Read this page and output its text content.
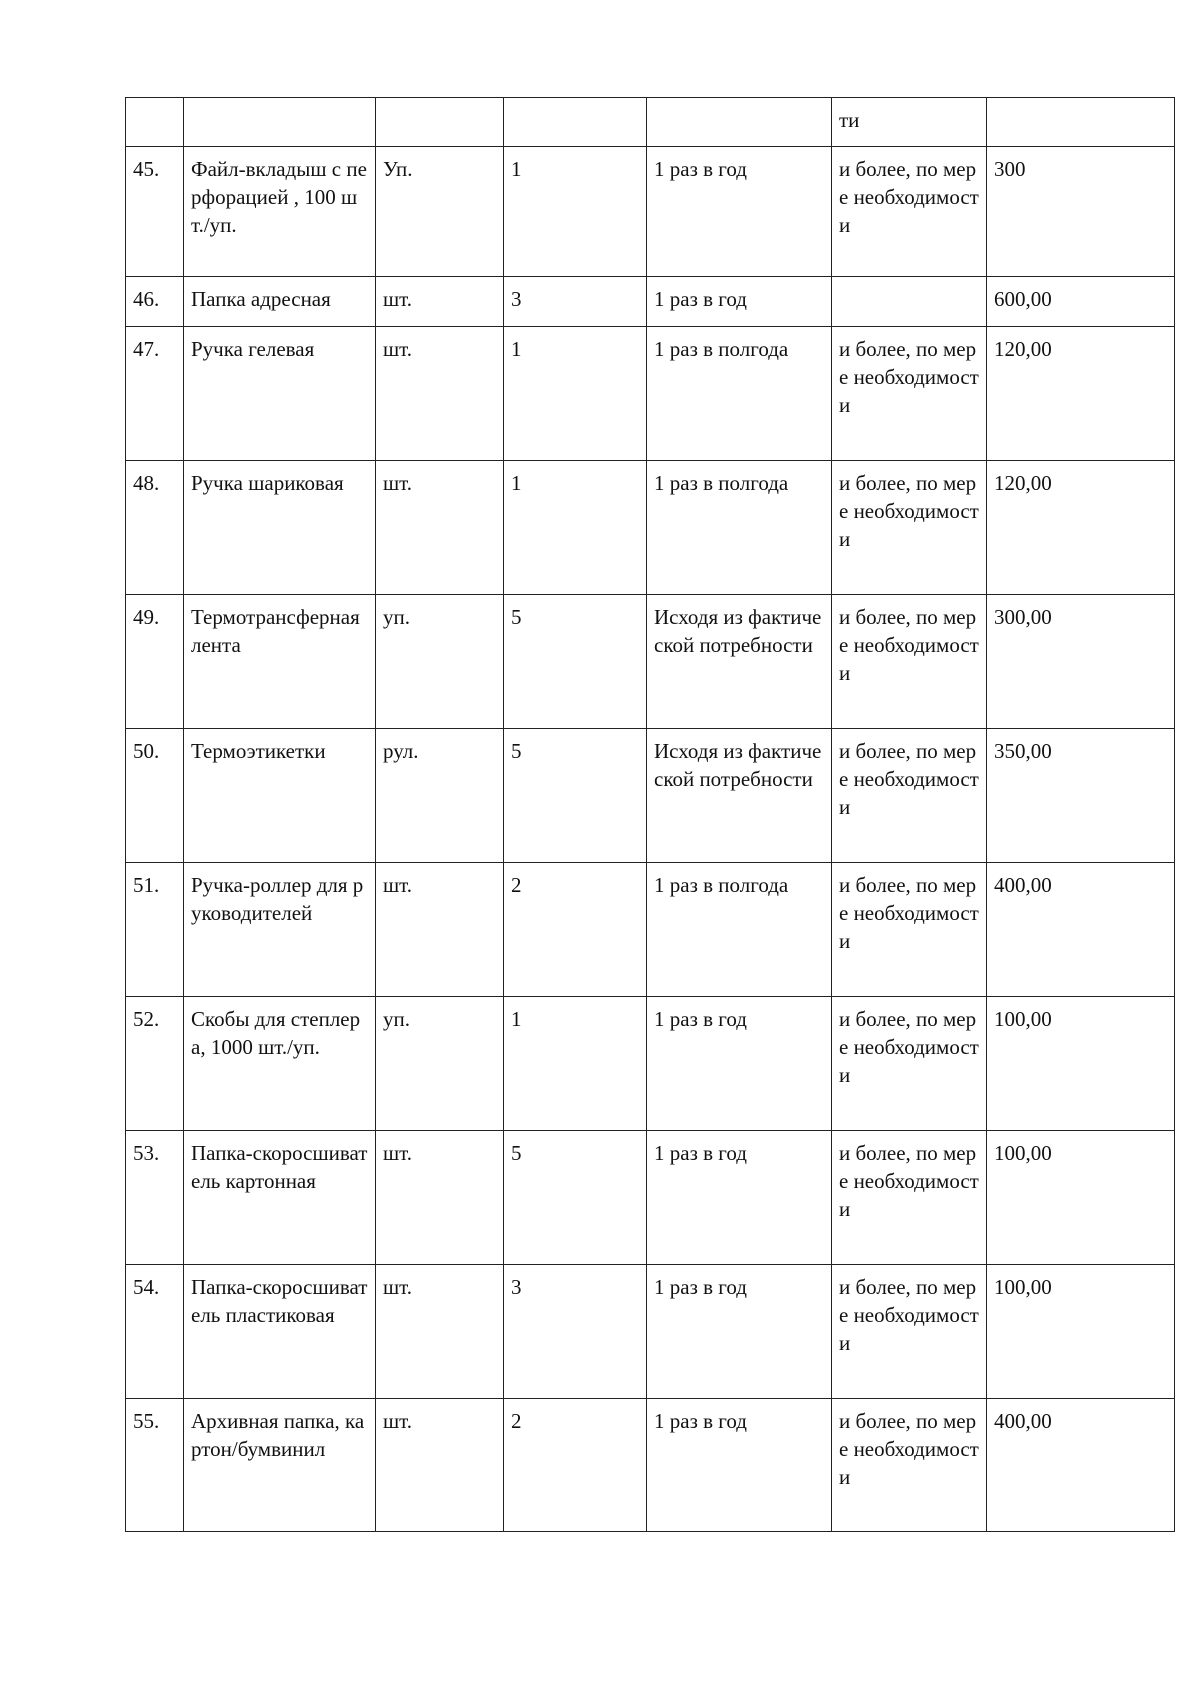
					ти	
45.	Файл-вкладыш с перфорацией , 100 шт./уп.	Уп.	1	1 раз в год	и более, по мере необходимости	300
46.	Папка адресная	шт.	3	1 раз в год		600,00
47.	Ручка гелевая	шт.	1	1 раз в полгода	и более, по мере необходимости	120,00
48.	Ручка шариковая	шт.	1	1 раз в полгода	и более, по мере необходимости	120,00
49.	Термотрансферная лента	уп.	5	Исходя из фактической потребности	и более, по мере необходимости	300,00
50.	Термоэтикетки	рул.	5	Исходя из фактической потребности	и более, по мере необходимости	350,00
51.	Ручка-роллер для руководителей	шт.	2	1 раз в полгода	и более, по мере необходимости	400,00
52.	Скобы для степлера, 1000 шт./уп.	уп.	1	1 раз в год	и более, по мере необходимости	100,00
53.	Папка-скоросшиватель картонная	шт.	5	1 раз в год	и более, по мере необходимости	100,00
54.	Папка-скоросшиватель пластиковая	шт.	3	1 раз в год	и более, по мере необходимости	100,00
55.	Архивная папка, картон/бумвинил	шт.	2	1 раз в год	и более, по мере необходимости	400,00
